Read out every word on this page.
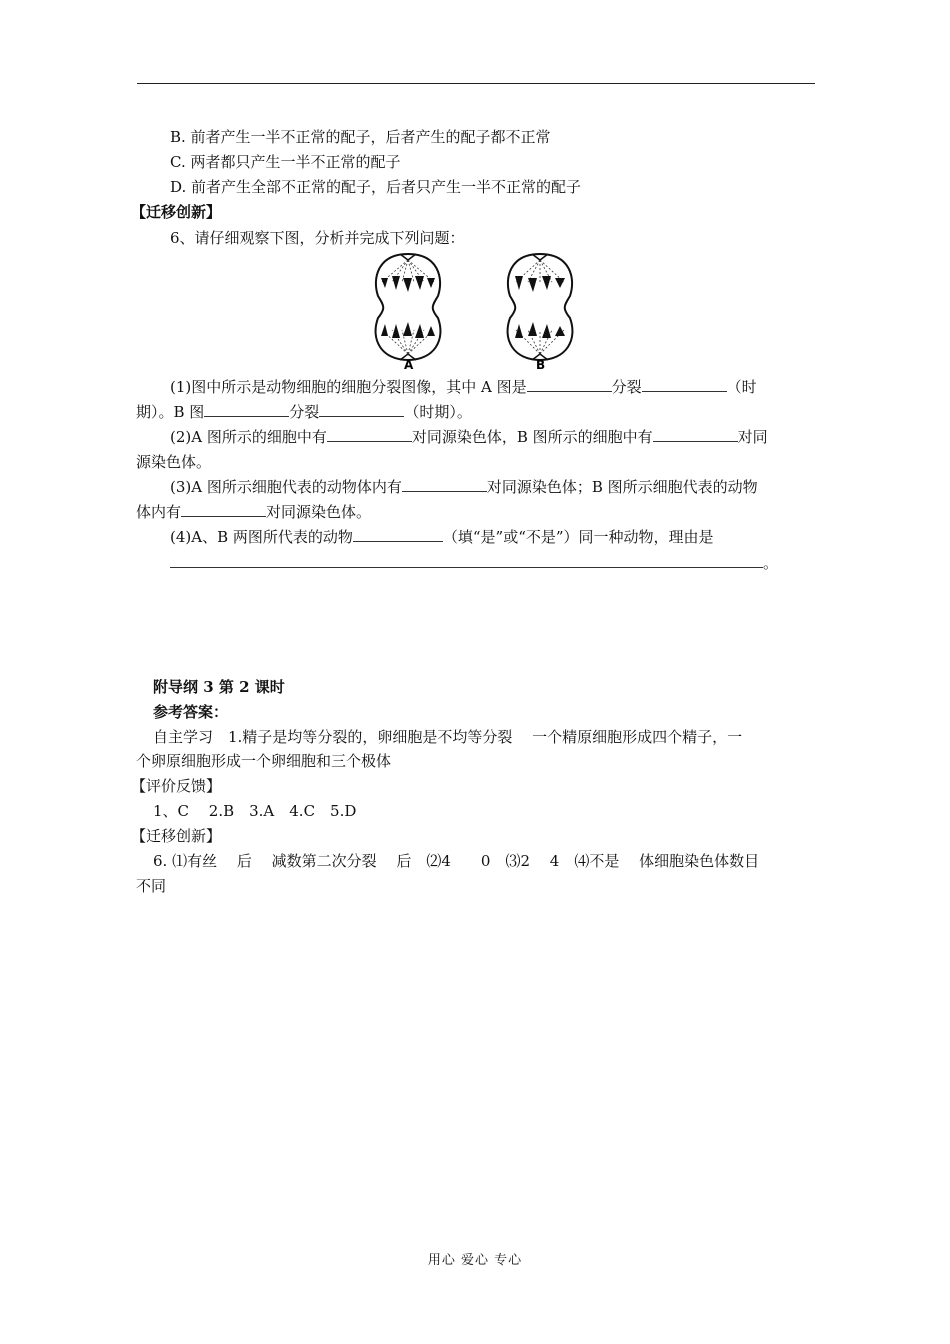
B. 前者产生一半不正常的配子，后者产生的配子都不正常
C. 两者都只产生一半不正常的配子
D. 前者产生全部不正常的配子，后者只产生一半不正常的配子
【迁移创新】
6、请仔细观察下图，分析并完成下列问题：
A	B
(1)图中所示是动物细胞的细胞分裂图像，其中 A 图是	分裂	（时
期）。B 图	分裂	（时期）。
(2)A 图所示的细胞中有	对同源染色体，B 图所示的细胞中有	对同
源染色体。
(3)A 图所示细胞代表的动物体内有	对同源染色体；B 图所示细胞代表的动物
体内有	对同源染色体。
(4)A、B 两图所代表的动物	（填“是”或“不是”）同一种动物，理由是
。
附导纲 3 第 2 课时
参考答案：
自主学习　1.精子是均等分裂的，卵细胞是不均等分裂　 一个精原细胞形成四个精子，一
个卵原细胞形成一个卵细胞和三个极体
【评价反馈】
1、C　 2.B　3.A　4.C　5.D
【迁移创新】
6. ⑴有丝　 后　 减数第二次分裂　 后　⑵4　　0　⑶2　 4　⑷不是　 体细胞染色体数目
不同
用心 爱心 专心
